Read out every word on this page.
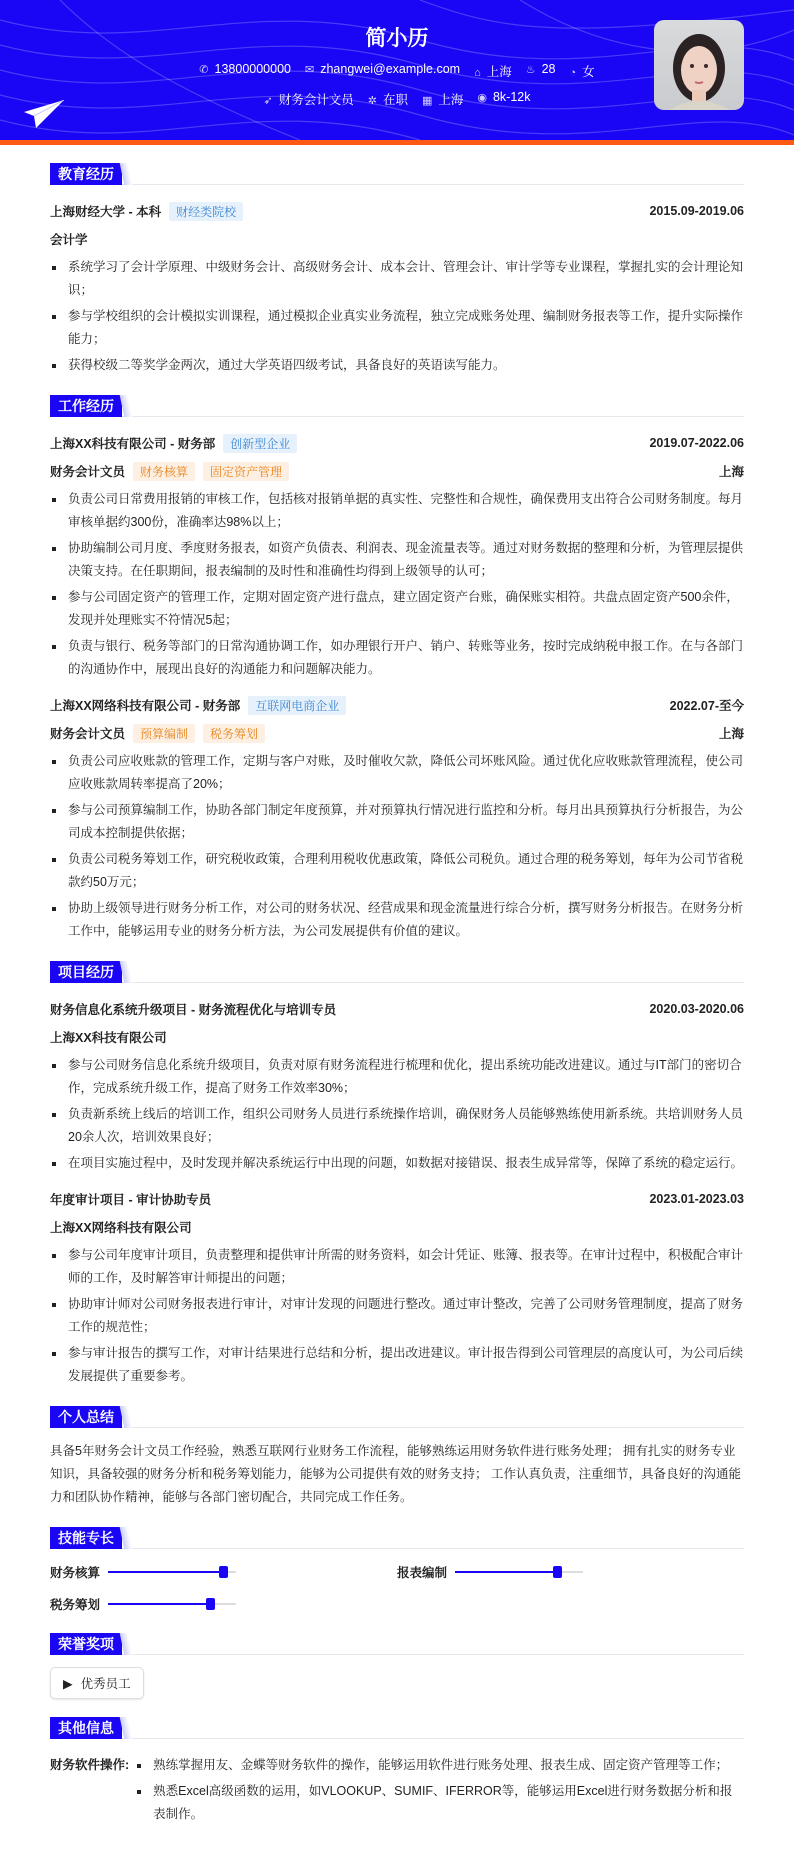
简小历
✆ 13800000000 ✉ zhangwei@example.com ⌂ 上海 ♨ 28 ◔ 女
➶ 财务会计文员 ✲ 在职 ▦ 上海 ◉ 8k-12k
教育经历
上海财经大学 - 本科 财经类院校	2015.09-2019.06
会计学
系统学习了会计学原理、中级财务会计、高级财务会计、成本会计、管理会计、审计学等专业课程，掌握扎实的会计理论知识；
参与学校组织的会计模拟实训课程，通过模拟企业真实业务流程，独立完成账务处理、编制财务报表等工作，提升实际操作能力；
获得校级二等奖学金两次，通过大学英语四级考试，具备良好的英语读写能力。
工作经历
上海XX科技有限公司 - 财务部 创新型企业	2019.07-2022.06
财务会计文员 财务核算 固定资产管理	上海
负责公司日常费用报销的审核工作，包括核对报销单据的真实性、完整性和合规性，确保费用支出符合公司财务制度。每月审核单据约300份，准确率达98%以上；
协助编制公司月度、季度财务报表，如资产负债表、利润表、现金流量表等。通过对财务数据的整理和分析，为管理层提供决策支持。在任职期间，报表编制的及时性和准确性均得到上级领导的认可；
参与公司固定资产的管理工作，定期对固定资产进行盘点，建立固定资产台账，确保账实相符。共盘点固定资产500余件，发现并处理账实不符情况5起；
负责与银行、税务等部门的日常沟通协调工作，如办理银行开户、销户、转账等业务，按时完成纳税申报工作。在与各部门的沟通协作中，展现出良好的沟通能力和问题解决能力。
上海XX网络科技有限公司 - 财务部 互联网电商企业	2022.07-至今
财务会计文员 预算编制 税务筹划	上海
负责公司应收账款的管理工作，定期与客户对账，及时催收欠款，降低公司坏账风险。通过优化应收账款管理流程，使公司应收账款周转率提高了20%；
参与公司预算编制工作，协助各部门制定年度预算，并对预算执行情况进行监控和分析。每月出具预算执行分析报告，为公司成本控制提供依据；
负责公司税务筹划工作，研究税收政策，合理利用税收优惠政策，降低公司税负。通过合理的税务筹划，每年为公司节省税款约50万元；
协助上级领导进行财务分析工作，对公司的财务状况、经营成果和现金流量进行综合分析，撰写财务分析报告。在财务分析工作中，能够运用专业的财务分析方法，为公司发展提供有价值的建议。
项目经历
财务信息化系统升级项目 - 财务流程优化与培训专员	2020.03-2020.06
上海XX科技有限公司
参与公司财务信息化系统升级项目，负责对原有财务流程进行梳理和优化，提出系统功能改进建议。通过与IT部门的密切合作，完成系统升级工作，提高了财务工作效率30%；
负责新系统上线后的培训工作，组织公司财务人员进行系统操作培训，确保财务人员能够熟练使用新系统。共培训财务人员20余人次，培训效果良好；
在项目实施过程中，及时发现并解决系统运行中出现的问题，如数据对接错误、报表生成异常等，保障了系统的稳定运行。
年度审计项目 - 审计协助专员	2023.01-2023.03
上海XX网络科技有限公司
参与公司年度审计项目，负责整理和提供审计所需的财务资料，如会计凭证、账簿、报表等。在审计过程中，积极配合审计师的工作，及时解答审计师提出的问题；
协助审计师对公司财务报表进行审计，对审计发现的问题进行整改。通过审计整改，完善了公司财务管理制度，提高了财务工作的规范性；
参与审计报告的撰写工作，对审计结果进行总结和分析，提出改进建议。审计报告得到公司管理层的高度认可，为公司后续发展提供了重要参考。
个人总结

具备5年财务会计文员工作经验，熟悉互联网行业财务工作流程，能够熟练运用财务软件进行账务处理； 拥有扎实的财务专业知识，具备较强的财务分析和税务筹划能力，能够为公司提供有效的财务支持； 工作认真负责，注重细节，具备良好的沟通能力和团队协作精神，能够与各部门密切配合，共同完成工作任务。

技能专长
财务核算	报表编制
税务筹划
荣誉奖项
▶ 优秀员工
其他信息
财务软件操作:	熟练掌握用友、金蝶等财务软件的操作，能够运用软件进行账务处理、报表生成、固定资产管理等工作；
熟悉Excel高级函数的运用，如VLOOKUP、SUMIF、IFERROR等，能够运用Excel进行财务数据分析和报表制作。
